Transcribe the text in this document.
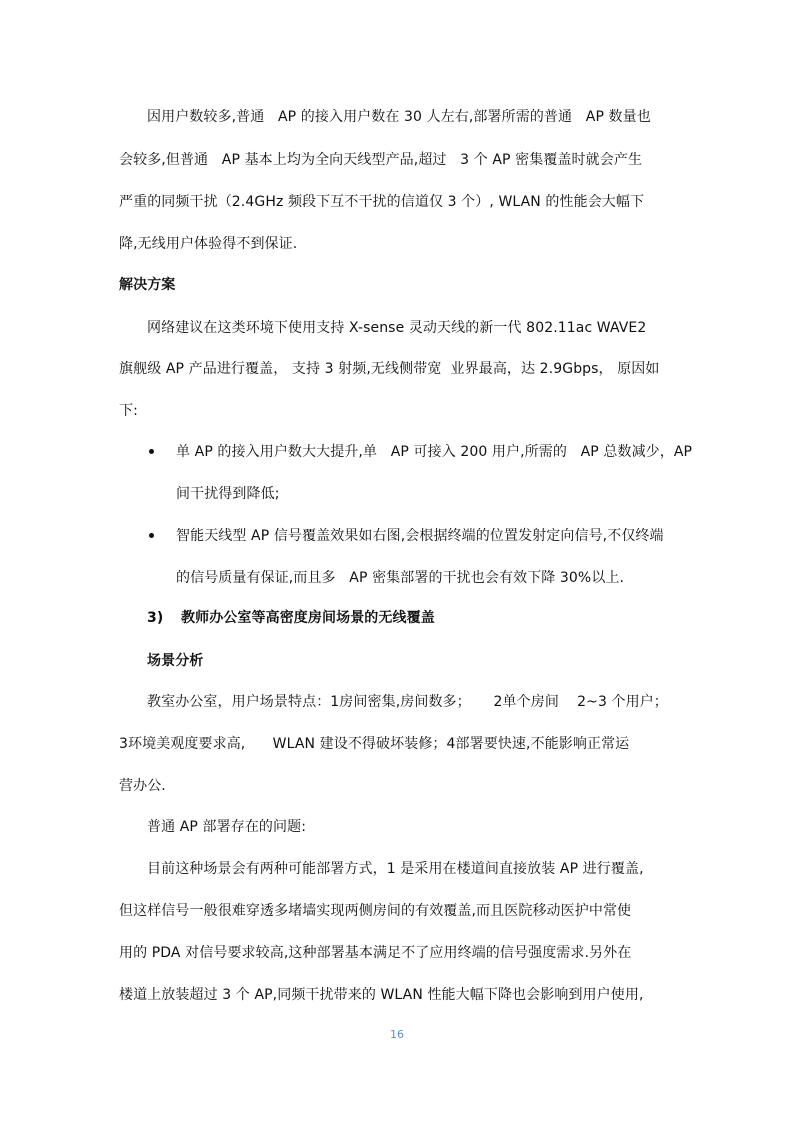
因用户数较多,普通   AP 的接入用户数在 30 人左右,部署所需的普通   AP 数量也
会较多,但普通   AP 基本上均为全向天线型产品,超过   3 个 AP 密集覆盖时就会产生
严重的同频干扰（2.4GHz 频段下互不干扰的信道仅 3 个）, WLAN 的性能会大幅下
降,无线用户体验得不到保证.
解决方案
网络建议在这类环境下使用支持 X-sense 灵动天线的新一代 802.11ac WAVE2
旗舰级 AP 产品进行覆盖， 支持 3 射频,无线侧带宽  业界最高，达 2.9Gbps， 原因如
下:
单 AP 的接入用户数大大提升,单   AP 可接入 200 用户,所需的   AP 总数减少，AP
间干扰得到降低;
智能天线型 AP 信号覆盖效果如右图,会根据终端的位置发射定向信号,不仅终端
的信号质量有保证,而且多   AP 密集部署的干扰也会有效下降 30%以上.
3) 教师办公室等高密度房间场景的无线覆盖
场景分析
教室办公室，用户场景特点：1房间密集,房间数多；     2单个房间    2~3 个用户；
3环境美观度要求高,      WLAN 建设不得破坏装修；4部署要快速,不能影响正常运
营办公.
普通 AP 部署存在的问题:
目前这种场景会有两种可能部署方式，1 是采用在楼道间直接放装 AP 进行覆盖,
但这样信号一般很难穿透多堵墙实现两侧房间的有效覆盖,而且医院移动医护中常使
用的 PDA 对信号要求较高,这种部署基本满足不了应用终端的信号强度需求.另外在
楼道上放装超过 3 个 AP,同频干扰带来的 WLAN 性能大幅下降也会影响到用户使用,
16
